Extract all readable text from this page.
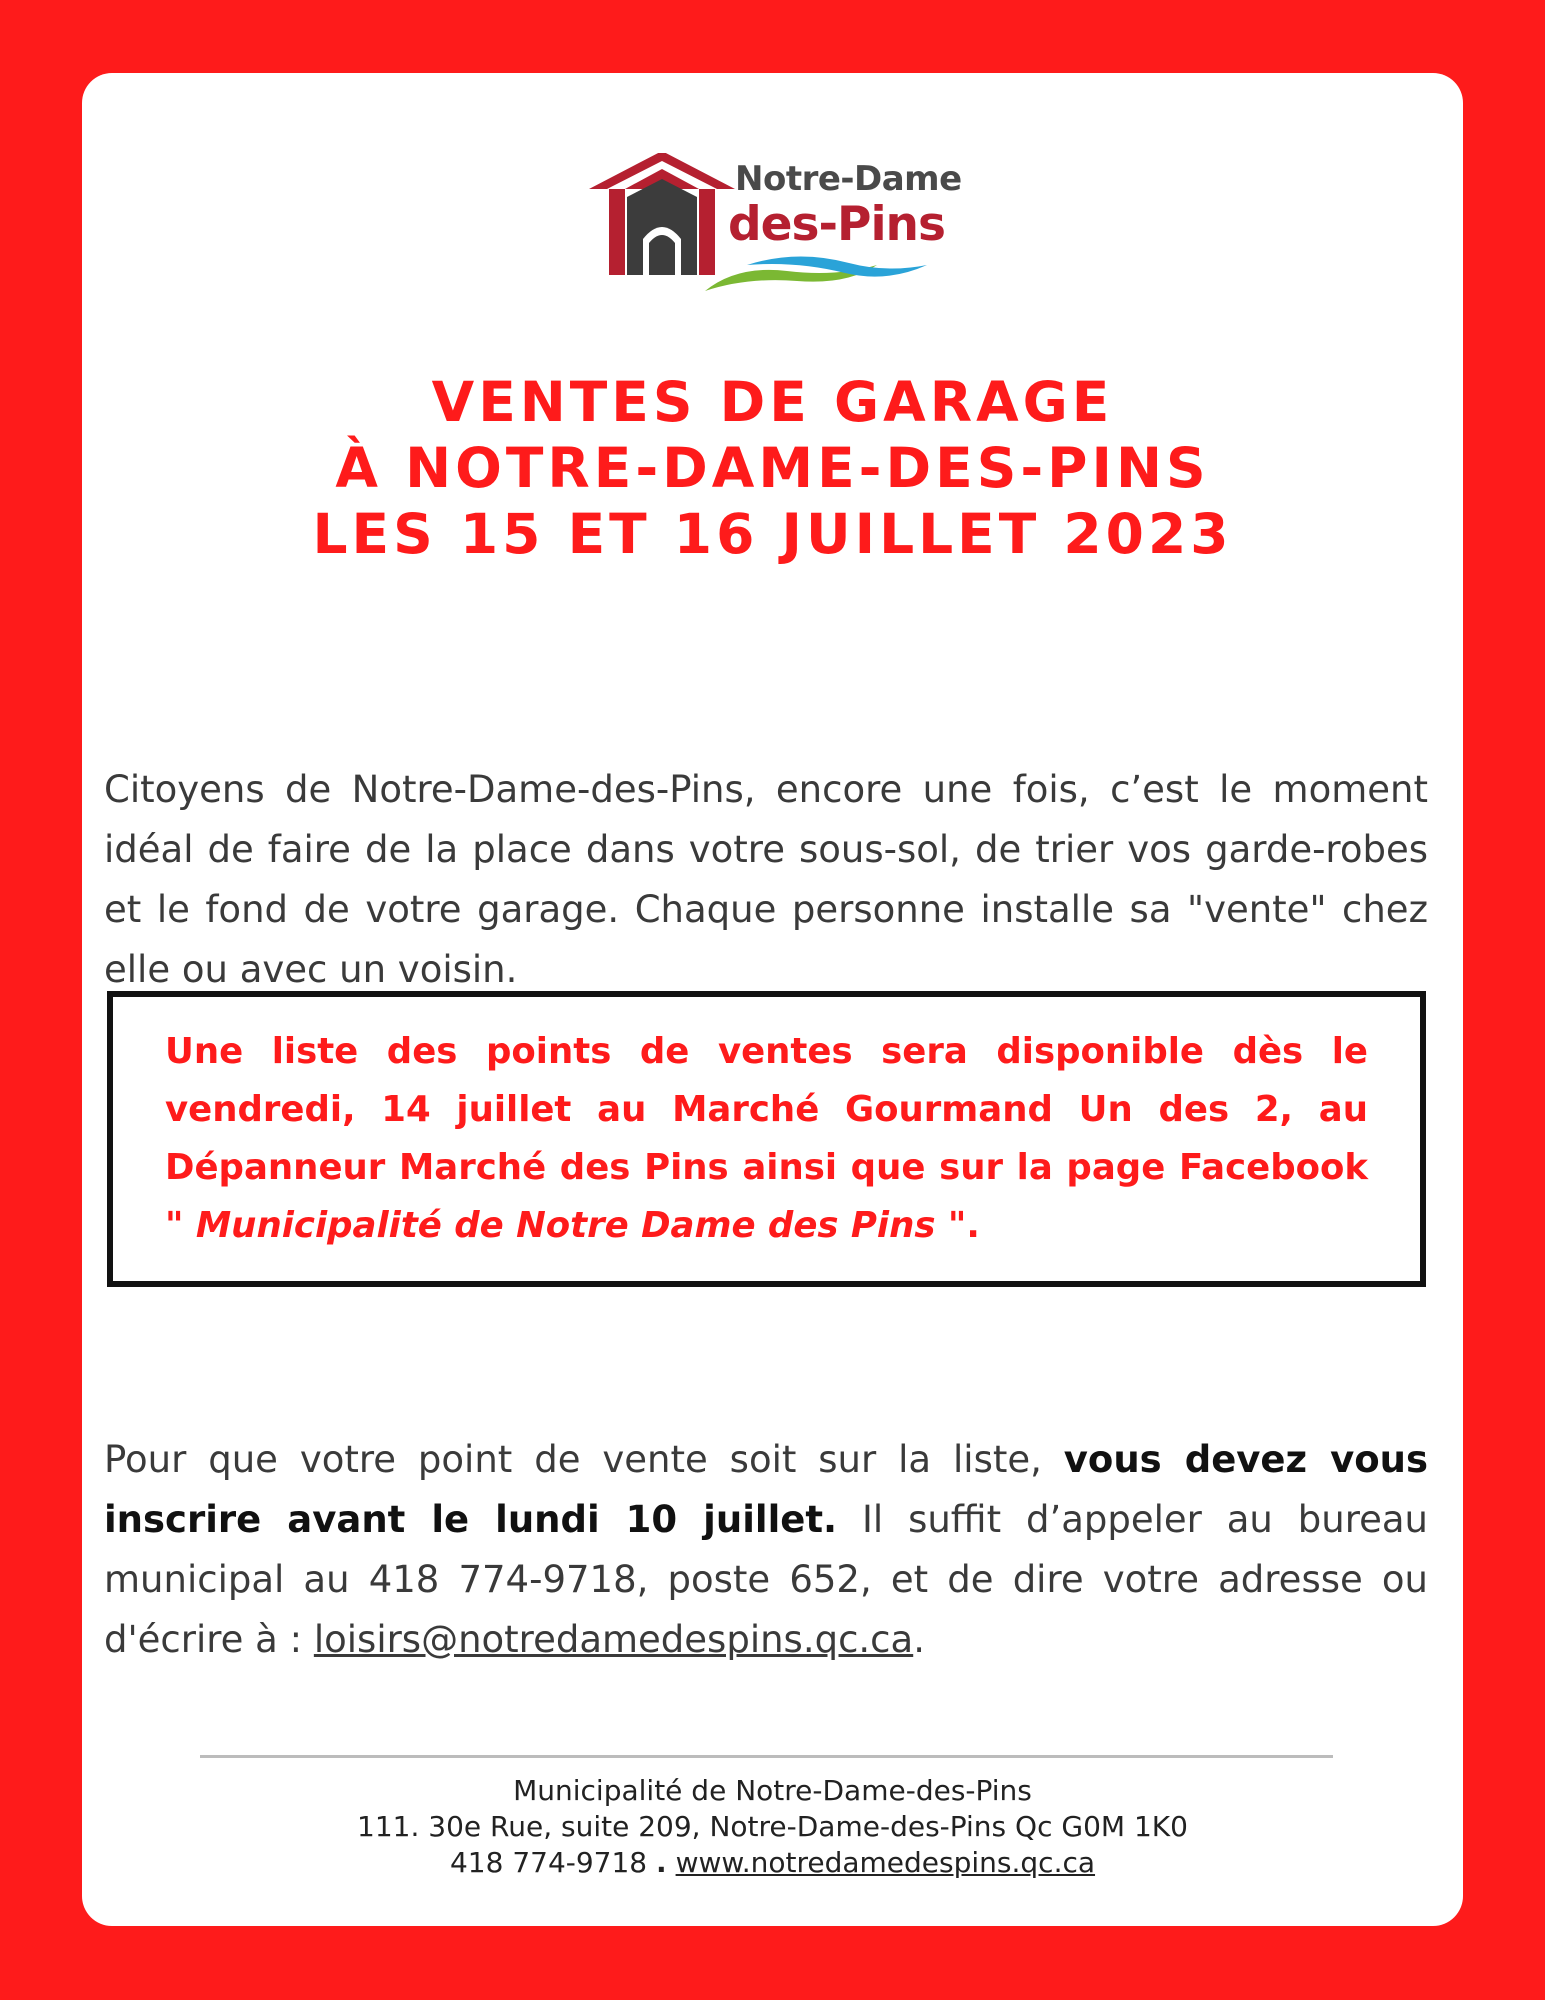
Notre-Dame
des-Pins
VENTES DE GARAGE
À NOTRE-DAME-DES-PINS
LES 15 ET 16 JUILLET 2023

Citoyens de Notre-Dame-des-Pins, encore une fois, c’est le moment idéal de faire de la place dans votre sous-sol, de trier vos garde-robes et le fond de votre garage. Chaque personne installe sa "vente" chez elle ou avec un voisin.

Une liste des points de ventes sera disponible dès le vendredi, 14 juillet au Marché Gourmand Un des 2, au Dépanneur Marché des Pins ainsi que sur la page Facebook " Municipalité de Notre Dame des Pins ".

Pour que votre point de vente soit sur la liste, vous devez vous inscrire avant le lundi 10 juillet. Il suffit d’appeler au bureau municipal au 418 774-9718, poste 652, et de dire votre adresse ou d'écrire à : loisirs@notredamedespins.qc.ca.

Municipalité de Notre-Dame-des-Pins
111. 30e Rue, suite 209, Notre-Dame-des-Pins Qc G0M 1K0
418 774-9718 . www.notredamedespins.qc.ca
